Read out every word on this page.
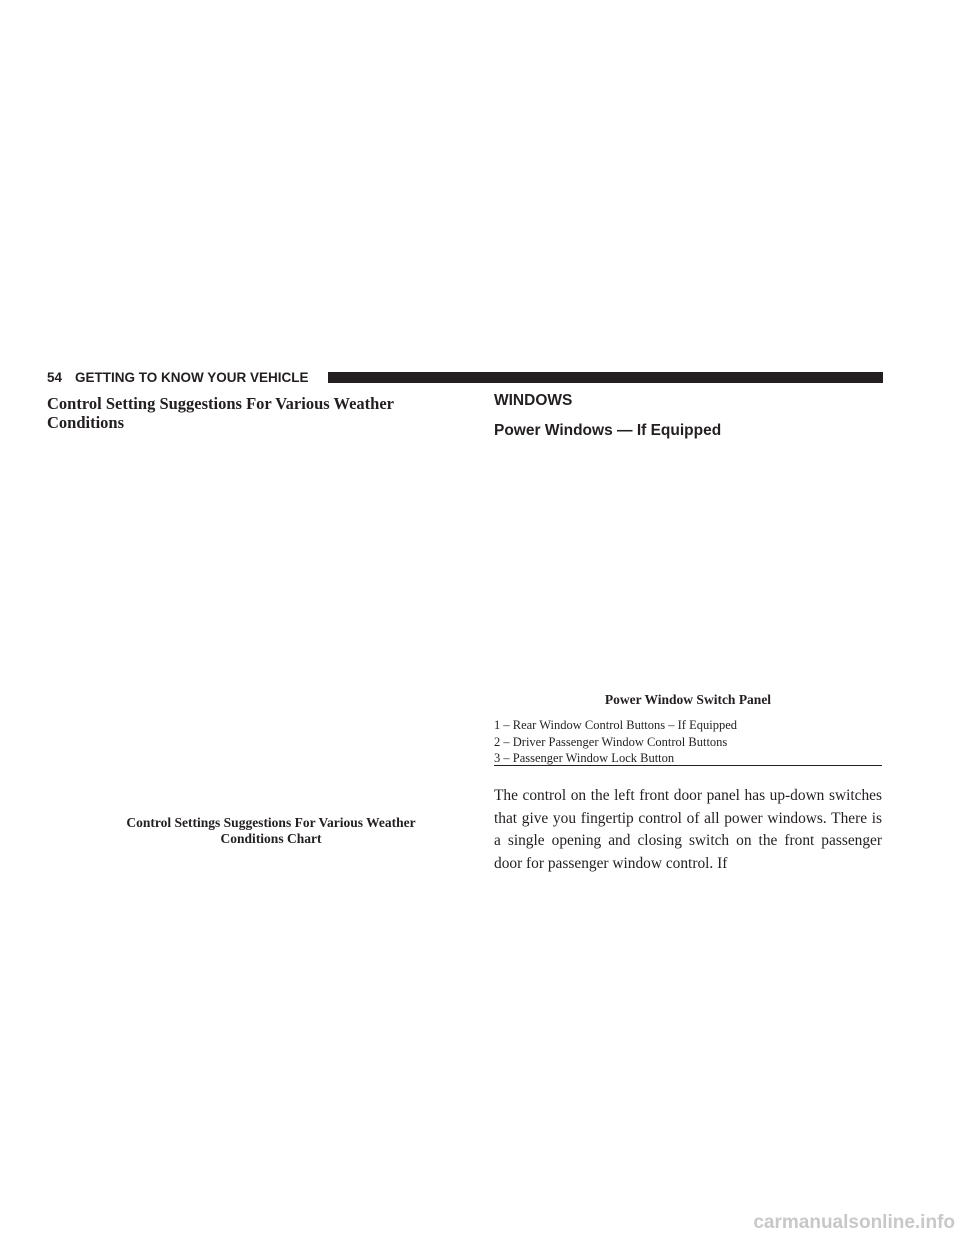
54 GETTING TO KNOW YOUR VEHICLE
Control Setting Suggestions For Various Weather Conditions
Control Settings Suggestions For Various Weather Conditions Chart
WINDOWS
Power Windows — If Equipped
Power Window Switch Panel
1 – Rear Window Control Buttons – If Equipped
2 – Driver Passenger Window Control Buttons
3 – Passenger Window Lock Button

The control on the left front door panel has up-down switches that give you fingertip control of all power windows. There is a single opening and closing switch on the front passenger door for passenger window control. If

carmanualsonline.info
